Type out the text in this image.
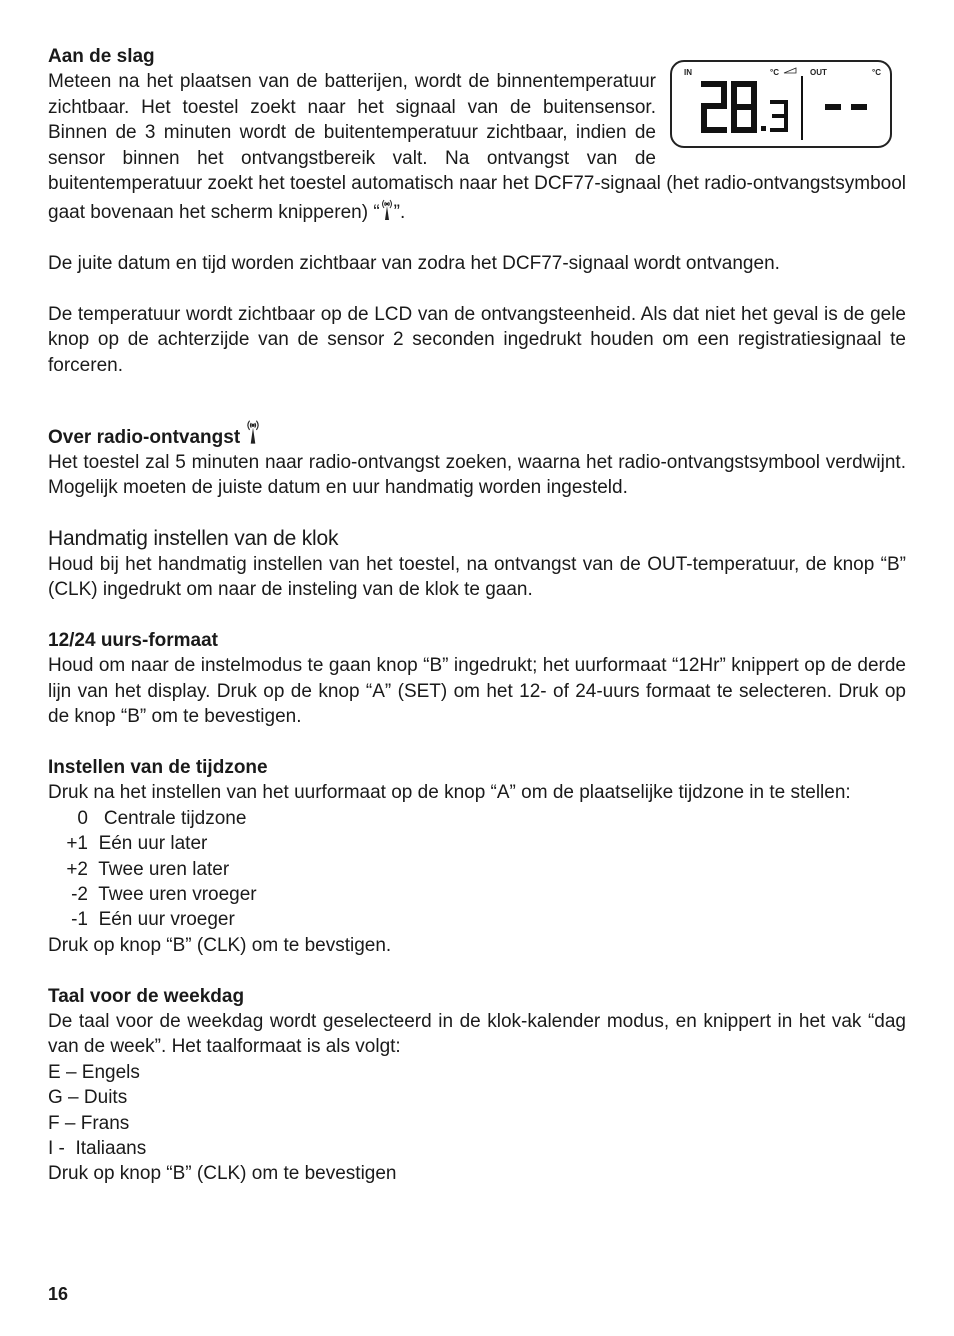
IN	°C	OUT	°C
Aan de slag

Meteen na het plaatsen van de batterijen, wordt de binnentemperatuur zichtbaar. Het toestel zoekt naar het signaal van de buitensensor. Binnen de 3 minuten wordt de buitentemperatuur zichtbaar, indien de sensor binnen het ontvangstbereik valt. Na ontvangst van de buitentemperatuur zoekt het toestel automatisch naar het DCF77-signaal (het radio-ontvangstsymbool gaat bovenaan het scherm knipperen) “ ”.

De juite datum en tijd worden zichtbaar van zodra het DCF77-signaal wordt ontvangen.

De temperatuur wordt zichtbaar op de LCD van de ontvangsteenheid. Als dat niet het geval is de gele knop op de achterzijde van de sensor 2 seconden ingedrukt houden om een registratiesignaal te forceren.

Over radio-ontvangst

Het toestel zal 5 minuten naar radio-ontvangst zoeken, waarna het radio-ontvangstsymbool verdwijnt. Mogelijk moeten de juiste datum en uur handmatig worden ingesteld.

Handmatig instellen van de klok

Houd bij het handmatig instellen van het toestel, na ontvangst van de OUT-temperatuur, de knop “B” (CLK) ingedrukt om naar de insteling van de klok te gaan.

12/24 uurs-formaat

Houd om naar de instelmodus te gaan knop “B” ingedrukt; het uurformaat “12Hr” knippert op de derde lijn van het display. Druk op de knop “A” (SET) om het 12- of 24-uurs formaat te selecteren. Druk op de knop “B” om te bevestigen.

Instellen van de tijdzone

Druk na het instellen van het uurformaat op de knop “A” om de plaatselijke tijdzone in te stellen:

0 Centrale tijdzone
+1 Eén uur later
+2 Twee uren later
-2 Twee uren vroeger
-1 Eén uur vroeger

Druk op knop “B” (CLK) om te bevstigen.

Taal voor de weekdag

De taal voor de weekdag wordt geselecteerd in de klok-kalender modus, en knippert in het vak “dag van de week”. Het taalformaat is als volgt:

E – Engels
G – Duits
F – Frans
I -  Italiaans

Druk op knop “B” (CLK) om te bevestigen

16
